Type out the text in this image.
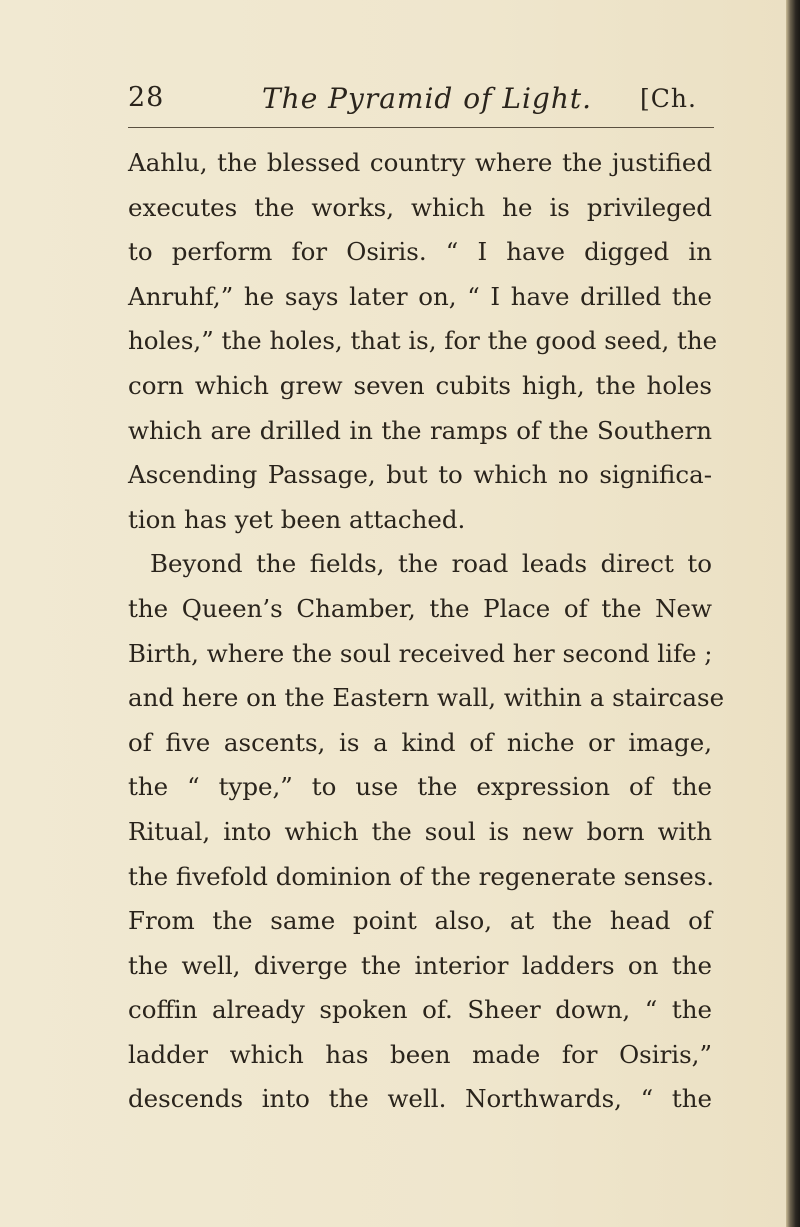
28	The Pyramid of Light. [Ch.
Aahlu, the blessed country where the justified
executes the works, which he is privileged
to perform for Osiris. “ I have digged in
Anruhf,” he says later on, “ I have drilled the
holes,” the holes, that is, for the good seed, the
corn which grew seven cubits high, the holes
which are drilled in the ramps of the Southern
Ascending Passage, but to which no significa-
tion has yet been attached.
Beyond the fields, the road leads direct to
the Queen’s Chamber, the Place of the New
Birth, where the soul received her second life ;
and here on the Eastern wall, within a staircase
of five ascents, is a kind of niche or image,
the “ type,” to use the expression of the
Ritual, into which the soul is new born with
the fivefold dominion of the regenerate senses.
From the same point also, at the head of
the well, diverge the interior ladders on the
coffin already spoken of. Sheer down, “ the
ladder which has been made for Osiris,”
descends into the well. Northwards, “ the
